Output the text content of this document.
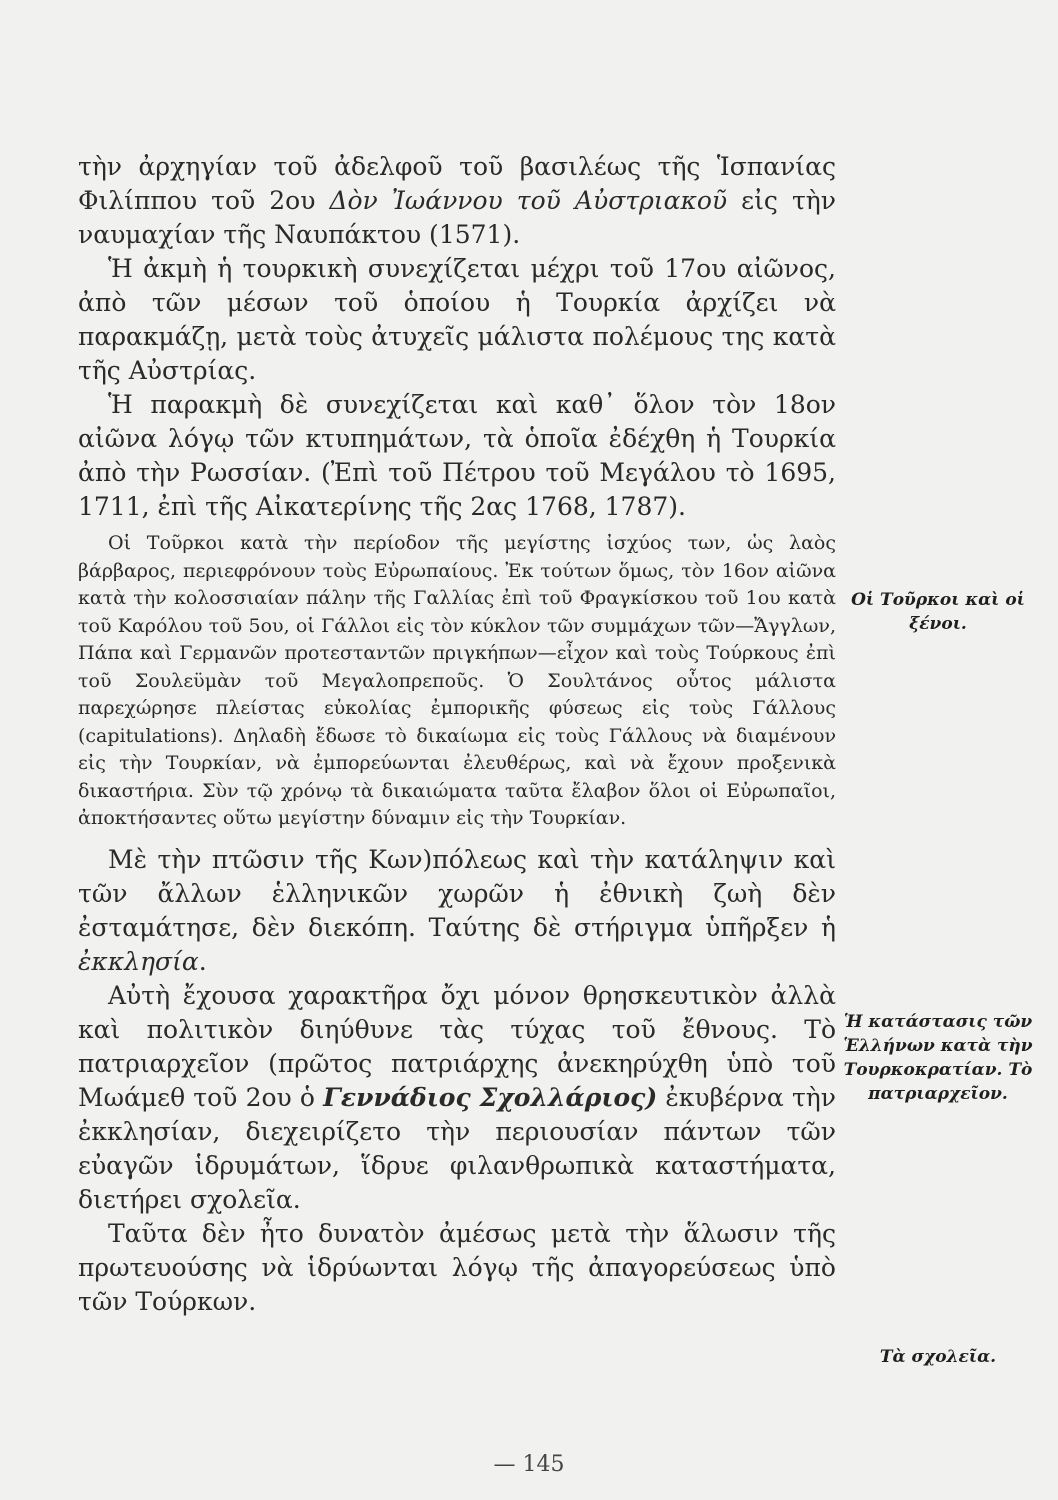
τὴν ἀρχηγίαν τοῦ ἀδελφοῦ τοῦ βασιλέως τῆς Ἱσπανίας Φιλίππου τοῦ 2ου Δὸν Ἰωάννου τοῦ Αὐστριακοῦ εἰς τὴν ναυμαχίαν τῆς Ναυπάκτου (1571).

Ἡ ἀκμὴ ἡ τουρκικὴ συνεχίζεται μέχρι τοῦ 17ου αἰῶνος, ἀπὸ τῶν μέσων τοῦ ὁποίου ἡ Τουρκία ἀρχίζει νὰ παρακμάζῃ, μετὰ τοὺς ἀτυχεῖς μάλιστα πολέμους της κατὰ τῆς Αὐστρίας.

Ἡ παρακμὴ δὲ συνεχίζεται καὶ καθ᾿ ὅλον τὸν 18ον αἰῶνα λόγῳ τῶν κτυπημάτων, τὰ ὁποῖα ἐδέχθη ἡ Τουρκία ἀπὸ τὴν Ρωσσίαν. (Ἐπὶ τοῦ Πέτρου τοῦ Μεγάλου τὸ 1695, 1711, ἐπὶ τῆς Αἰκατερίνης τῆς 2ας 1768, 1787).

Οἱ Τοῦρκοι κατὰ τὴν περίοδον τῆς μεγίστης ἰσχύος των, ὡς λαὸς βάρβαρος, περιεφρόνουν τοὺς Εὐρωπαίους. Ἐκ τούτων ὅμως, τὸν 16ον αἰῶνα κατὰ τὴν κολοσσιαίαν πάλην τῆς Γαλλίας ἐπὶ τοῦ Φραγκίσκου τοῦ 1ου κατὰ τοῦ Καρόλου τοῦ 5ου, οἱ Γάλλοι εἰς τὸν κύκλον τῶν συμμάχων τῶν—Ἄγγλων, Πάπα καὶ Γερμανῶν προτεσταντῶν πριγκήπων—εἶχον καὶ τοὺς Τούρκους ἐπὶ τοῦ Σουλεϋμὰν τοῦ Μεγαλοπρεποῦς. Ὁ Σουλτάνος οὗτος μάλιστα παρεχώρησε πλείστας εὐκολίας ἐμπορικῆς φύσεως εἰς τοὺς Γάλλους (capitulations). Δηλαδὴ ἔδωσε τὸ δικαίωμα εἰς τοὺς Γάλλους νὰ διαμένουν εἰς τὴν Τουρκίαν, νὰ ἐμπορεύωνται ἐλευθέρως, καὶ νὰ ἔχουν προξενικὰ δικαστήρια. Σὺν τῷ χρόνῳ τὰ δικαιώματα ταῦτα ἔλαβον ὅλοι οἱ Εὐρωπαῖοι, ἀποκτήσαντες οὕτω μεγίστην δύναμιν εἰς τὴν Τουρκίαν.

Μὲ τὴν πτῶσιν τῆς Κων)πόλεως καὶ τὴν κατάληψιν καὶ τῶν ἄλλων ἑλληνικῶν χωρῶν ἡ ἐθνικὴ ζωὴ δὲν ἐσταμάτησε, δὲν διεκόπη. Ταύτης δὲ στήριγμα ὑπῆρξεν ἡ ἐκκλησία.

Αὐτὴ ἔχουσα χαρακτῆρα ὄχι μόνον θρησκευτικὸν ἀλλὰ καὶ πολιτικὸν διηύθυνε τὰς τύχας τοῦ ἔθνους. Τὸ πατριαρχεῖον (πρῶτος πατριάρχης ἀνεκηρύχθη ὑπὸ τοῦ Μωάμεθ τοῦ 2ου ὁ Γεννάδιος Σχολλάριος) ἐκυβέρνα τὴν ἐκκλησίαν, διεχειρίζετο τὴν περιουσίαν πάντων τῶν εὐαγῶν ἱδρυμάτων, ἵδρυε φιλανθρωπικὰ καταστήματα, διετήρει σχολεῖα.

Ταῦτα δὲν ἦτο δυνατὸν ἀμέσως μετὰ τὴν ἅλωσιν τῆς πρωτευούσης νὰ ἱδρύωνται λόγῳ τῆς ἀπαγορεύσεως ὑπὸ τῶν Τούρκων.

Οἱ Τοῦρκοι καὶ οἱ ξένοι.
Ἡ κατάστασις τῶν Ἑλλήνων κατὰ τὴν Τουρκοκρατίαν. Τὸ πατριαρχεῖον.
Τὰ σχολεῖα.
— 145
